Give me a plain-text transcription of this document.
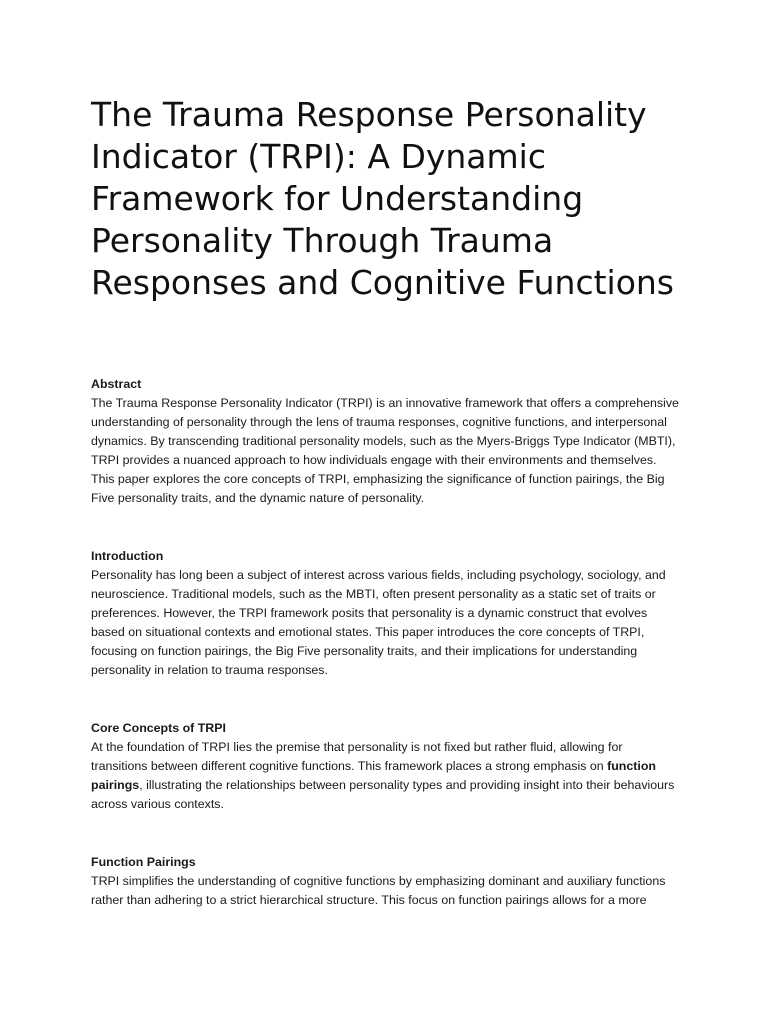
The Trauma Response Personality Indicator (TRPI): A Dynamic Framework for Understanding Personality Through Trauma Responses and Cognitive Functions

Abstract

The Trauma Response Personality Indicator (TRPI) is an innovative framework that offers a comprehensive understanding of personality through the lens of trauma responses, cognitive functions, and interpersonal dynamics. By transcending traditional personality models, such as the Myers-Briggs Type Indicator (MBTI), TRPI provides a nuanced approach to how individuals engage with their environments and themselves. This paper explores the core concepts of TRPI, emphasizing the significance of function pairings, the Big Five personality traits, and the dynamic nature of personality.

Introduction

Personality has long been a subject of interest across various fields, including psychology, sociology, and neuroscience. Traditional models, such as the MBTI, often present personality as a static set of traits or preferences. However, the TRPI framework posits that personality is a dynamic construct that evolves based on situational contexts and emotional states. This paper introduces the core concepts of TRPI, focusing on function pairings, the Big Five personality traits, and their implications for understanding personality in relation to trauma responses.

Core Concepts of TRPI

At the foundation of TRPI lies the premise that personality is not fixed but rather fluid, allowing for transitions between different cognitive functions. This framework places a strong emphasis on function pairings, illustrating the relationships between personality types and providing insight into their behaviours across various contexts.

Function Pairings

TRPI simplifies the understanding of cognitive functions by emphasizing dominant and auxiliary functions rather than adhering to a strict hierarchical structure. This focus on function pairings allows for a more
